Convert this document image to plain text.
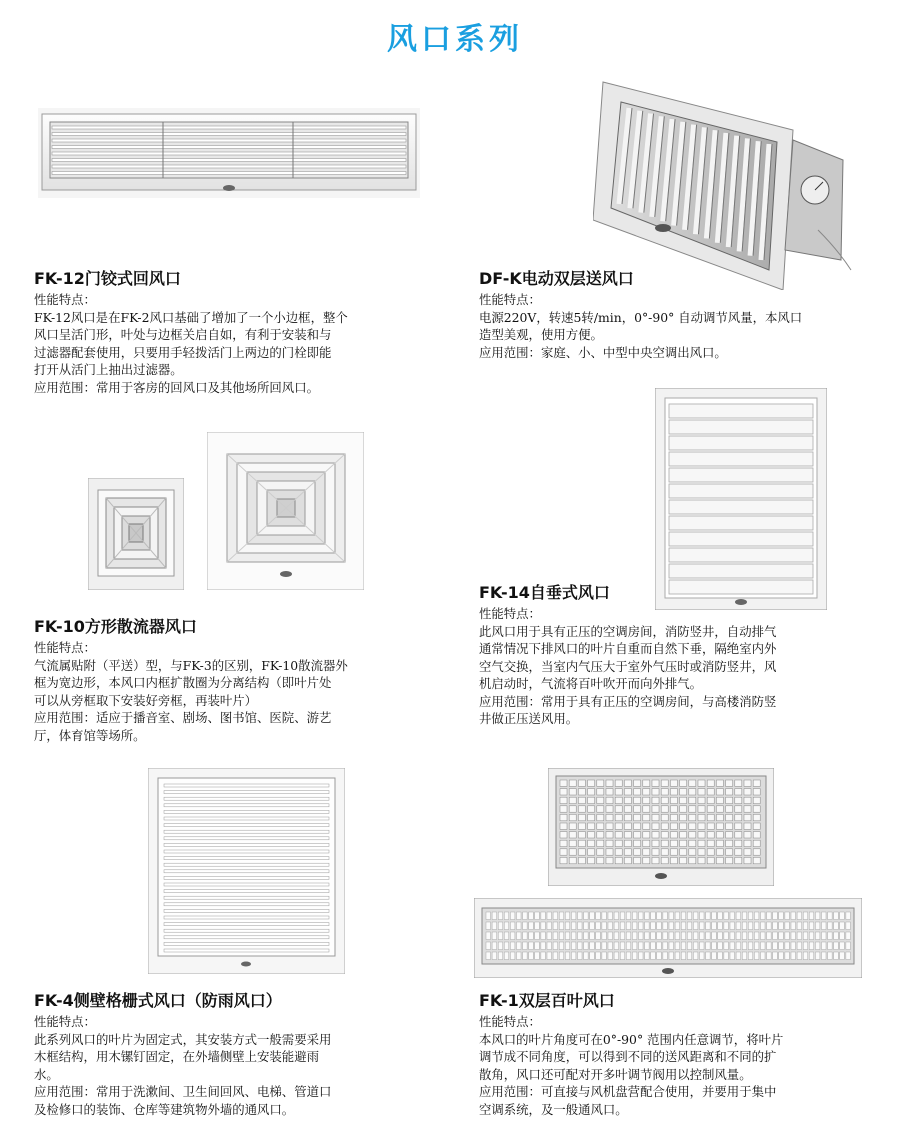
风口系列
FK-12门铰式回风口

性能特点：

FK-12风口是在FK-2风口基础了增加了一个小边框，整个

风口呈活门形，叶处与边框关启自如，有利于安装和与

过滤器配套使用，只要用手轻拨活门上两边的门栓即能

打开从活门上抽出过滤器。

应用范围：常用于客房的回风口及其他场所回风口。

DF-K电动双层送风口

性能特点：

电源220V，转速5转/min，0°-90° 自动调节风量，本风口

造型美观，使用方便。

应用范围：家庭、小、中型中央空调出风口。

FK-10方形散流器风口

性能特点：

气流属贴附（平送）型，与FK-3的区别，FK-10散流器外

框为宽边形，本风口内框扩散圈为分离结构（即叶片处

可以从旁框取下安装好旁框，再装叶片）

应用范围：适应于播音室、剧场、图书馆、医院、游艺

厅，体育馆等场所。

FK-14自垂式风口

性能特点：

此风口用于具有正压的空调房间，消防竖井，自动排气

通常情况下排风口的叶片自重而自然下垂，隔绝室内外

空气交换，当室内气压大于室外气压时或消防竖井，风

机启动时，气流将百叶吹开而向外排气。

应用范围：常用于具有正压的空调房间，与高楼消防竖

井做正压送风用。

FK-4侧壁格栅式风口（防雨风口）

性能特点：

此系列风口的叶片为固定式，其安装方式一般需要采用

木框结构，用木镙钉固定，在外墙侧壁上安装能避雨

水。

应用范围：常用于洗漱间、卫生间回风、电梯、管道口

及检修口的装饰、仓库等建筑物外墙的通风口。

FK-1双层百叶风口

性能特点：

本风口的叶片角度可在0°-90° 范围内任意调节，将叶片

调节成不同角度，可以得到不同的送风距离和不同的扩

散角，风口还可配对开多叶调节阀用以控制风量。

应用范围：可直接与风机盘营配合使用，并要用于集中

空调系统，及一般通风口。
